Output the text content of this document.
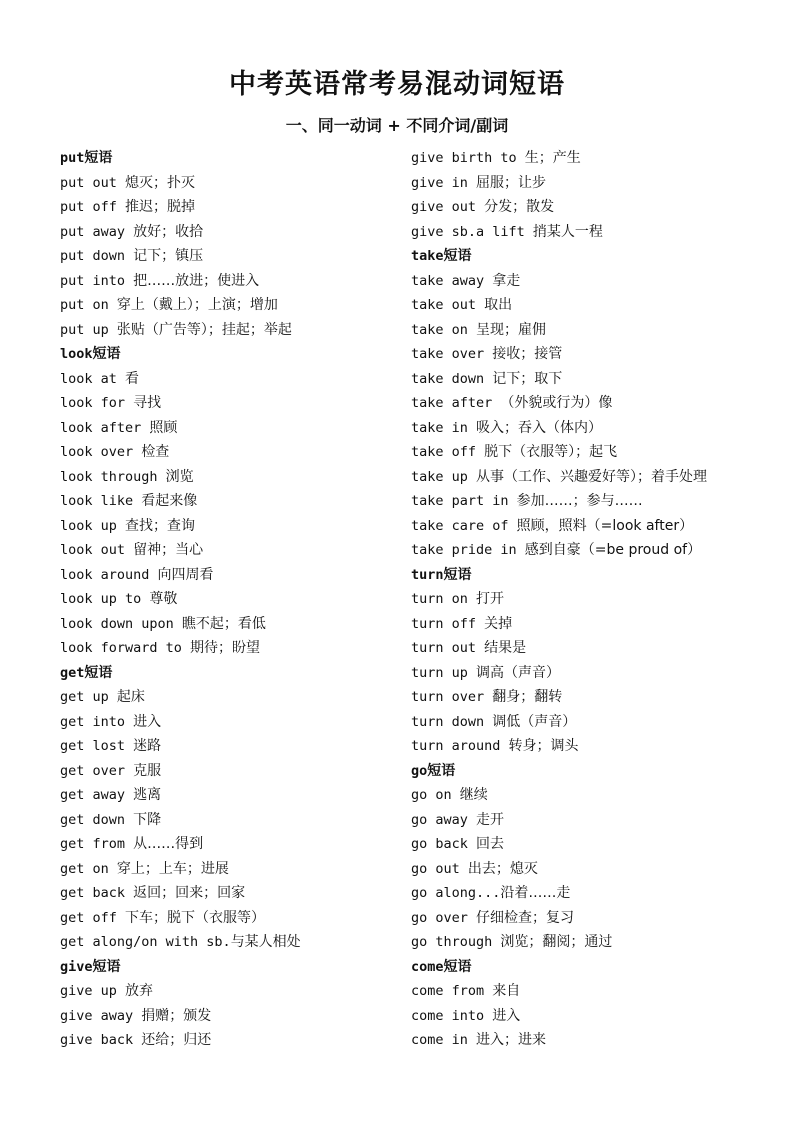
中考英语常考易混动词短语
一、同一动词 + 不同介词/副词
put短语
put out 熄灭；扑灭
put off 推迟；脱掉
put away 放好；收拾
put down 记下；镇压
put into 把……放进；使进入
put on 穿上（戴上）；上演；增加
put up 张贴（广告等）；挂起；举起
look短语
look at 看
look for 寻找
look after 照顾
look over 检查
look through 浏览
look like 看起来像
look up 查找；查询
look out 留神；当心
look around 向四周看
look up to 尊敬
look down upon 瞧不起；看低
look forward to 期待；盼望
get短语
get up 起床
get into 进入
get lost 迷路
get over 克服
get away 逃离
get down 下降
get from 从……得到
get on 穿上；上车；进展
get back 返回；回来；回家
get off 下车；脱下（衣服等）
get along/on with sb.与某人相处
give短语
give up 放弃
give away 捐赠；颁发
give back 还给；归还
give birth to 生；产生
give in 屈服；让步
give out 分发；散发
give sb.a lift 捎某人一程
take短语
take away 拿走
take out 取出
take on 呈现；雇佣
take over 接收；接管
take down 记下；取下
take after （外貌或行为）像
take in 吸入；吞入（体内）
take off 脱下（衣服等）；起飞
take up 从事（工作、兴趣爱好等）；着手处理
take part in 参加……；参与……
take care of 照顾，照料（=look after）
take pride in 感到自豪（=be proud of）
turn短语
turn on 打开
turn off 关掉
turn out 结果是
turn up 调高（声音）
turn over 翻身；翻转
turn down 调低（声音）
turn around 转身；调头
go短语
go on 继续
go away 走开
go back 回去
go out 出去；熄灭
go along...沿着……走
go over 仔细检查；复习
go through 浏览；翻阅；通过
come短语
come from 来自
come into 进入
come in 进入；进来
